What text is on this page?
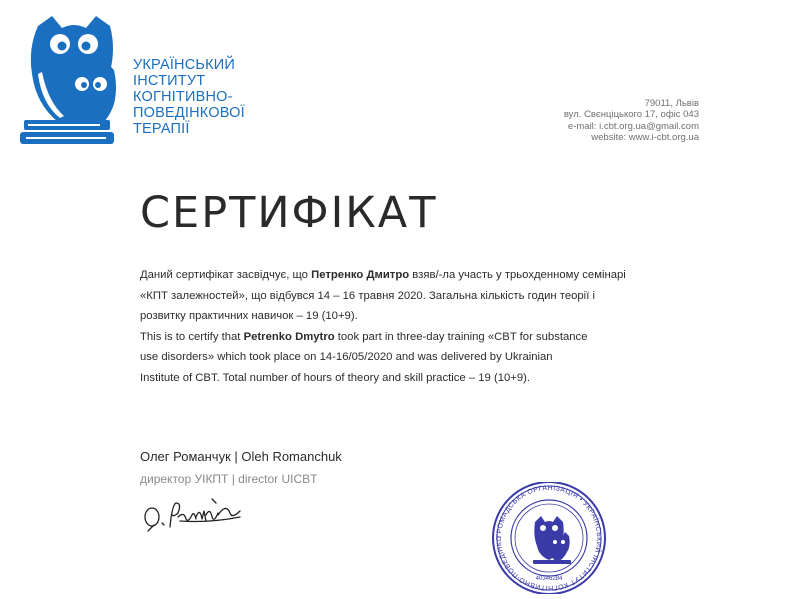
УКРАЇНСЬКИЙ
ІНСТИТУТ
КОГНІТИВНО-
ПОВЕДІНКОВОЇ
ТЕРАПІЇ
79011, Львів
вул. Свєнціцького 17, офіс 043
e-mail: i.cbt.org.ua@gmail.com
website: www.i-cbt.org.ua
СЕРТИФІКАТ

Даний сертифікат засвідчує, що Петренко Дмитро взяв/-ла участь у трьохденному семінарі

«КПТ залежностей», що відбувся 14 – 16 травня 2020. Загальна кількість годин теорії і

розвитку практичних навичок – 19 (10+9).

This is to certify that Petrenko Dmytro took part in three-day training «CBT for substance

use disorders» which took place on 14-16/05/2020 and was delivered by Ukrainian

Institute of CBT. Total number of hours of theory and skill practice – 19 (10+9).

Олег Романчук | Oleh Romanchuk
директор УІКПТ | director UICBT
ГРОМАДСЬКА ОРГАНІЗАЦІЯ • УКРАЇНСЬКИЙ ІНСТИТУТ КОГНІТИВНО-ПОВЕДІНКО
40346284
